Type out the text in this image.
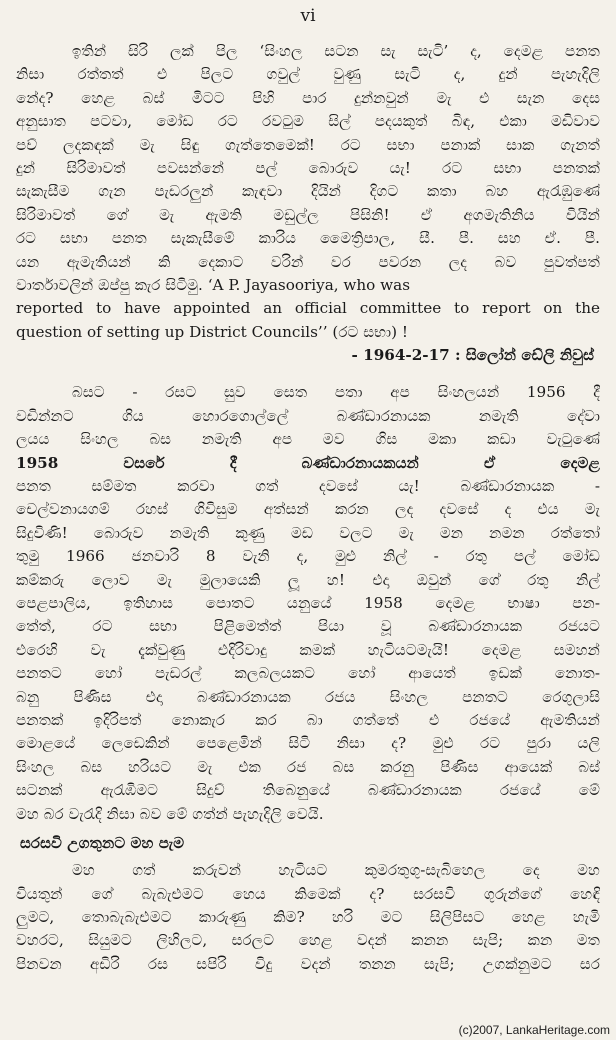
vi
ඉතින් සිරි ලක් පිල ‘සිංහල සටන සැ සැටි’ ද, දෙමළ පනත
නිසා රත්තත් එ පිලට ගවුල් වුණු සැටි ද, දුන් පැහැදිලි
නේද? හෙළ බස් මිටට පිහි පාර දුන්නවුන් මැ එ සැන දෙස
අනුසාත පටවා, මෝඩ රට රවටුම සිල් පදයකුත් බිඳ, එකා මඩිවාව
පව් ලදකඳක් මැ සිඳු ගැත්තෙමෙක්! රට සභා පනාක් සාක ගැනත්
දුන් සිරිමාවත් පවසන්නේ පල් බොරුව යැ! රට සභා පනතක්
සැකැසීම ගැන පැඩරලුන් කැඳවා දියින් දිගට කතා බහ ඇරැඹුණේ
සිරිමාවත් ගේ මැ ඇමති මඩුල්ල පිසිනි! ඒ අගමැතිනිය වියින්
රට සභා පනත සැකැසීමේ කාරිය මෛත්‍රිපාල, සී. පී. සහ ඒ. පී.
යන ඇමැතියන් කි දෙකාට වරින් වර පවරන ලද බව පුවත්පත්
වාර්තාවලින් ඔප්පු කැර සිටිමු. ‘A P. Jayasooriya, who was
reported to have appointed an official committee to report on the
question of setting up District Councils’’ (රට සභා) !
- 1964-2-17 : සිලෝන් ඩේලි නිවුස්
බසට - රසට සුව සෙත පතා අප සිංහලයන් 1956 දී
වඩින්නට ගිය හොරගොල්ලේ බණ්ඩාරනායක නමැති දේවා
ලයය සිංහල බස නමැති අප මව ගිස මකා කඩා වැටුණේ
1958 වසරේ දී බණ්ඩාරනායකයන් ඒ දෙමළ
පනත සම්මත කරවා ගත් දවසේ යැ! බණ්ඩාරනායක -
චෙල්වනායගම් රහස් ගිවිසුම අත්සන් කරන ලද දවසේ ද එය මැ
සිදුවිණි! බොරුව නමැති කුණු මඩ වලට මැ මන නමන රත්තෝ
තුමු 1966 ජනවාරි 8 වැනි ද, මුළු නිල් - රතු පල් මෝඩ
කම්කරු ලොව මැ මුලායෙකි ලූ හ! එදා ඔවුන් ගේ රතු නිල්
පෙළපාලිය, ඉතිහාස පොතට යනුයේ 1958 දෙමළ භාෂා පන-
තේත්, රට සභා පිළිමෙත්ත් පියා වූ බණ්ඩාරනායක රජයට
එරෙහි වැ දැක්වුණු එදිරිවාදු කමක් හැටියටමැයි! දෙමළ සමහන්
පනතට හෝ පැඩරල් කලබලයකට හෝ ආයෙත් ඉඩක් නොත-
බනු පිණිස එදා බණ්ඩාරනායක රජය සිංහල පනතට රෙගුලාසි
පනතක් ඉදිරිපත් නොකැර කර බා ගත්තේ එ රජයේ ඇමතියන්
මොළයේ ලෙඩෙකින් පෙළෙමින් සිටි නිසා ද? මුළු රට පුරා යලි
සිංහල බස හරියට මැ එක රජ බස කරනු පිණිස ආයෙක් බස්
සටනක් ඇරැඹිමට සිදුව් තිබෙනුයේ බණ්ඩාරනායක රජයේ මේ
මහ බර වැරැදි නිසා බව මේ ගත්න් පැහැදිලි වෙයි.
සරසවි උගතුනට මහ පැම
මහ ගත් කරුවන් හැටියට කුමරතුගු-සැබිහෙල දෙ මහ
වියතුන් ගේ බැබැළුමට හෙය කිමෙක් ද? සරසවි ගුරුන්ගේ හෙඳි
ලුමට, තොබැබැළුමට කාරුණු කිම? හරි මට සිලිපිසට හෙළ හැමි
වහරට, සියුමට ලිහිලට, සරලට හෙළ වදන් කනන සැපි; කන මත
පිනවන අඩිරි රස සපිරි විදු වදන් තනන සැපි; උගක්නුමට සර
(c)2007, LankaHeritage.com
